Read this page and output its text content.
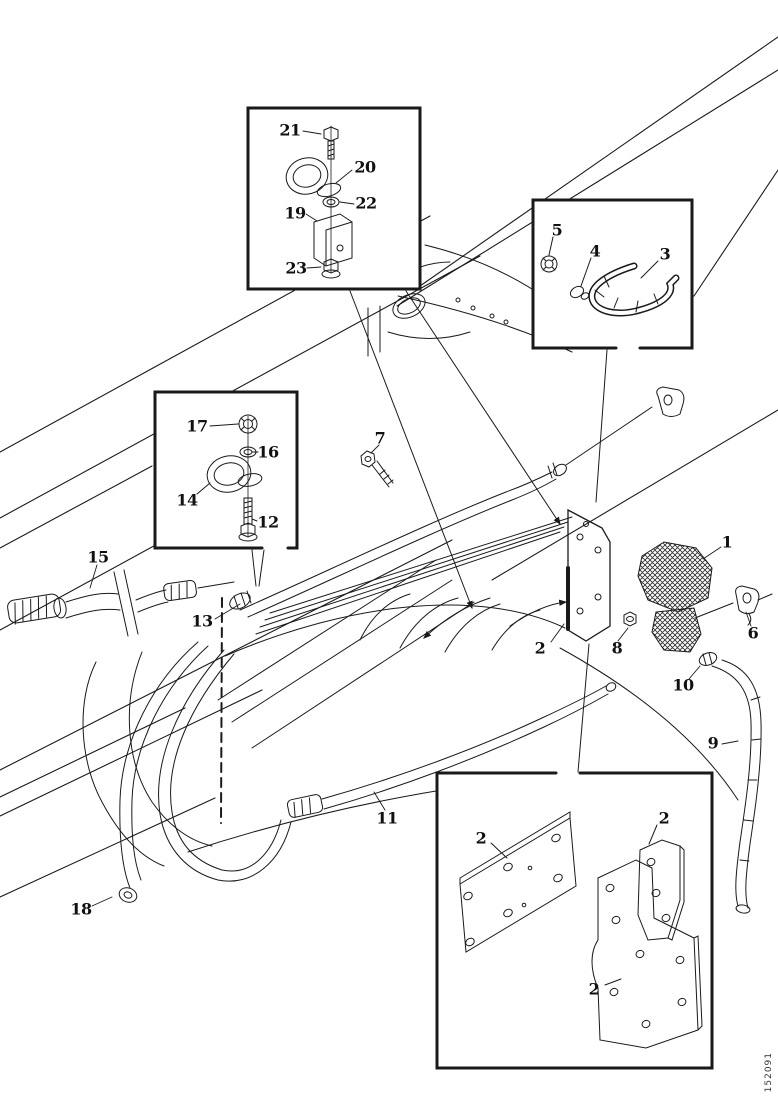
21
20
22
19
23
5
4	3
17
16
14
12
7
1
6
15
13
2	8
10
9
11
18
2
2
2
152091
